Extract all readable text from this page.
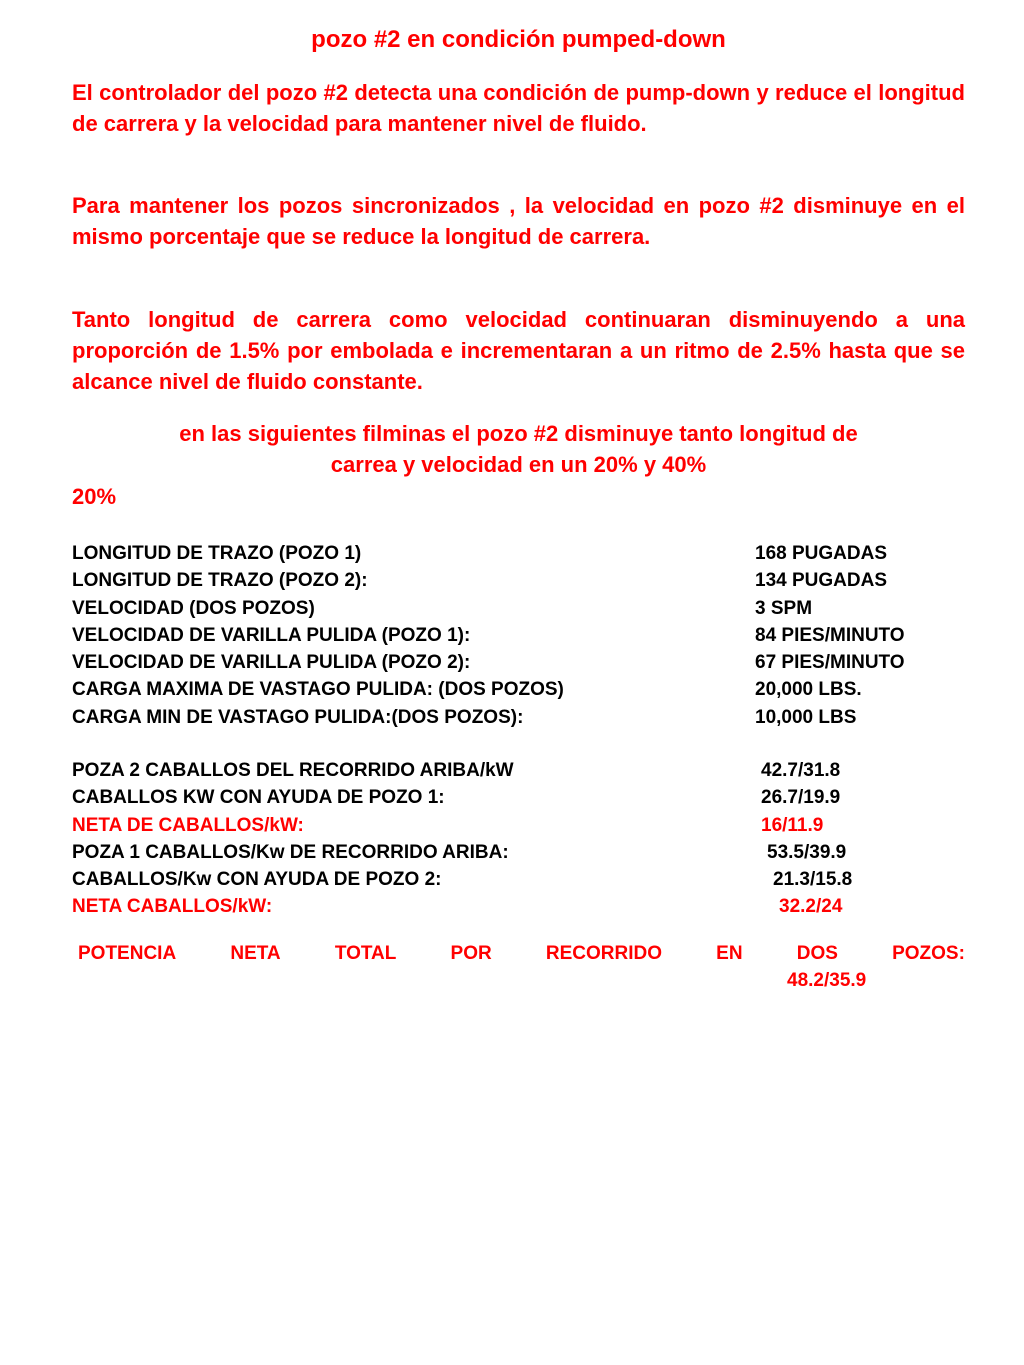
pozo #2 en condición pumped-down
El controlador del pozo #2 detecta una condición de pump-down y reduce el longitud de carrera y la velocidad para mantener nivel de fluido.
Para mantener los pozos sincronizados , la velocidad en pozo #2 disminuye en el mismo porcentaje que se reduce la longitud de carrera.
Tanto longitud de carrera como velocidad continuaran disminuyendo a una proporción de 1.5% por embolada e incrementaran a un ritmo de 2.5% hasta que se alcance nivel de fluido constante.
en las siguientes filminas el pozo #2 disminuye tanto longitud de
carrea y velocidad en un 20% y 40%
20%
LONGITUD DE TRAZO (POZO 1)	168 PUGADAS
LONGITUD DE TRAZO (POZO 2):	134 PUGADAS
VELOCIDAD (DOS POZOS)	3 SPM
VELOCIDAD DE VARILLA PULIDA (POZO 1):	84 PIES/MINUTO
VELOCIDAD DE VARILLA PULIDA (POZO 2):	67 PIES/MINUTO
CARGA MAXIMA DE VASTAGO PULIDA: (DOS POZOS)	20,000 LBS.
CARGA MIN DE VASTAGO PULIDA:(DOS POZOS):	10,000 LBS
POZA 2 CABALLOS DEL RECORRIDO ARIBA/kW	42.7/31.8
CABALLOS KW CON AYUDA DE POZO 1:	26.7/19.9
NETA DE CABALLOS/kW:	16/11.9
POZA 1 CABALLOS/Kw DE RECORRIDO ARIBA:	53.5/39.9
CABALLOS/Kw CON AYUDA DE POZO 2:	21.3/15.8
NETA CABALLOS/kW:	32.2/24
POTENCIA	NETA	TOTAL	POR	RECORRIDO	EN	DOS	POZOS:
48.2/35.9
